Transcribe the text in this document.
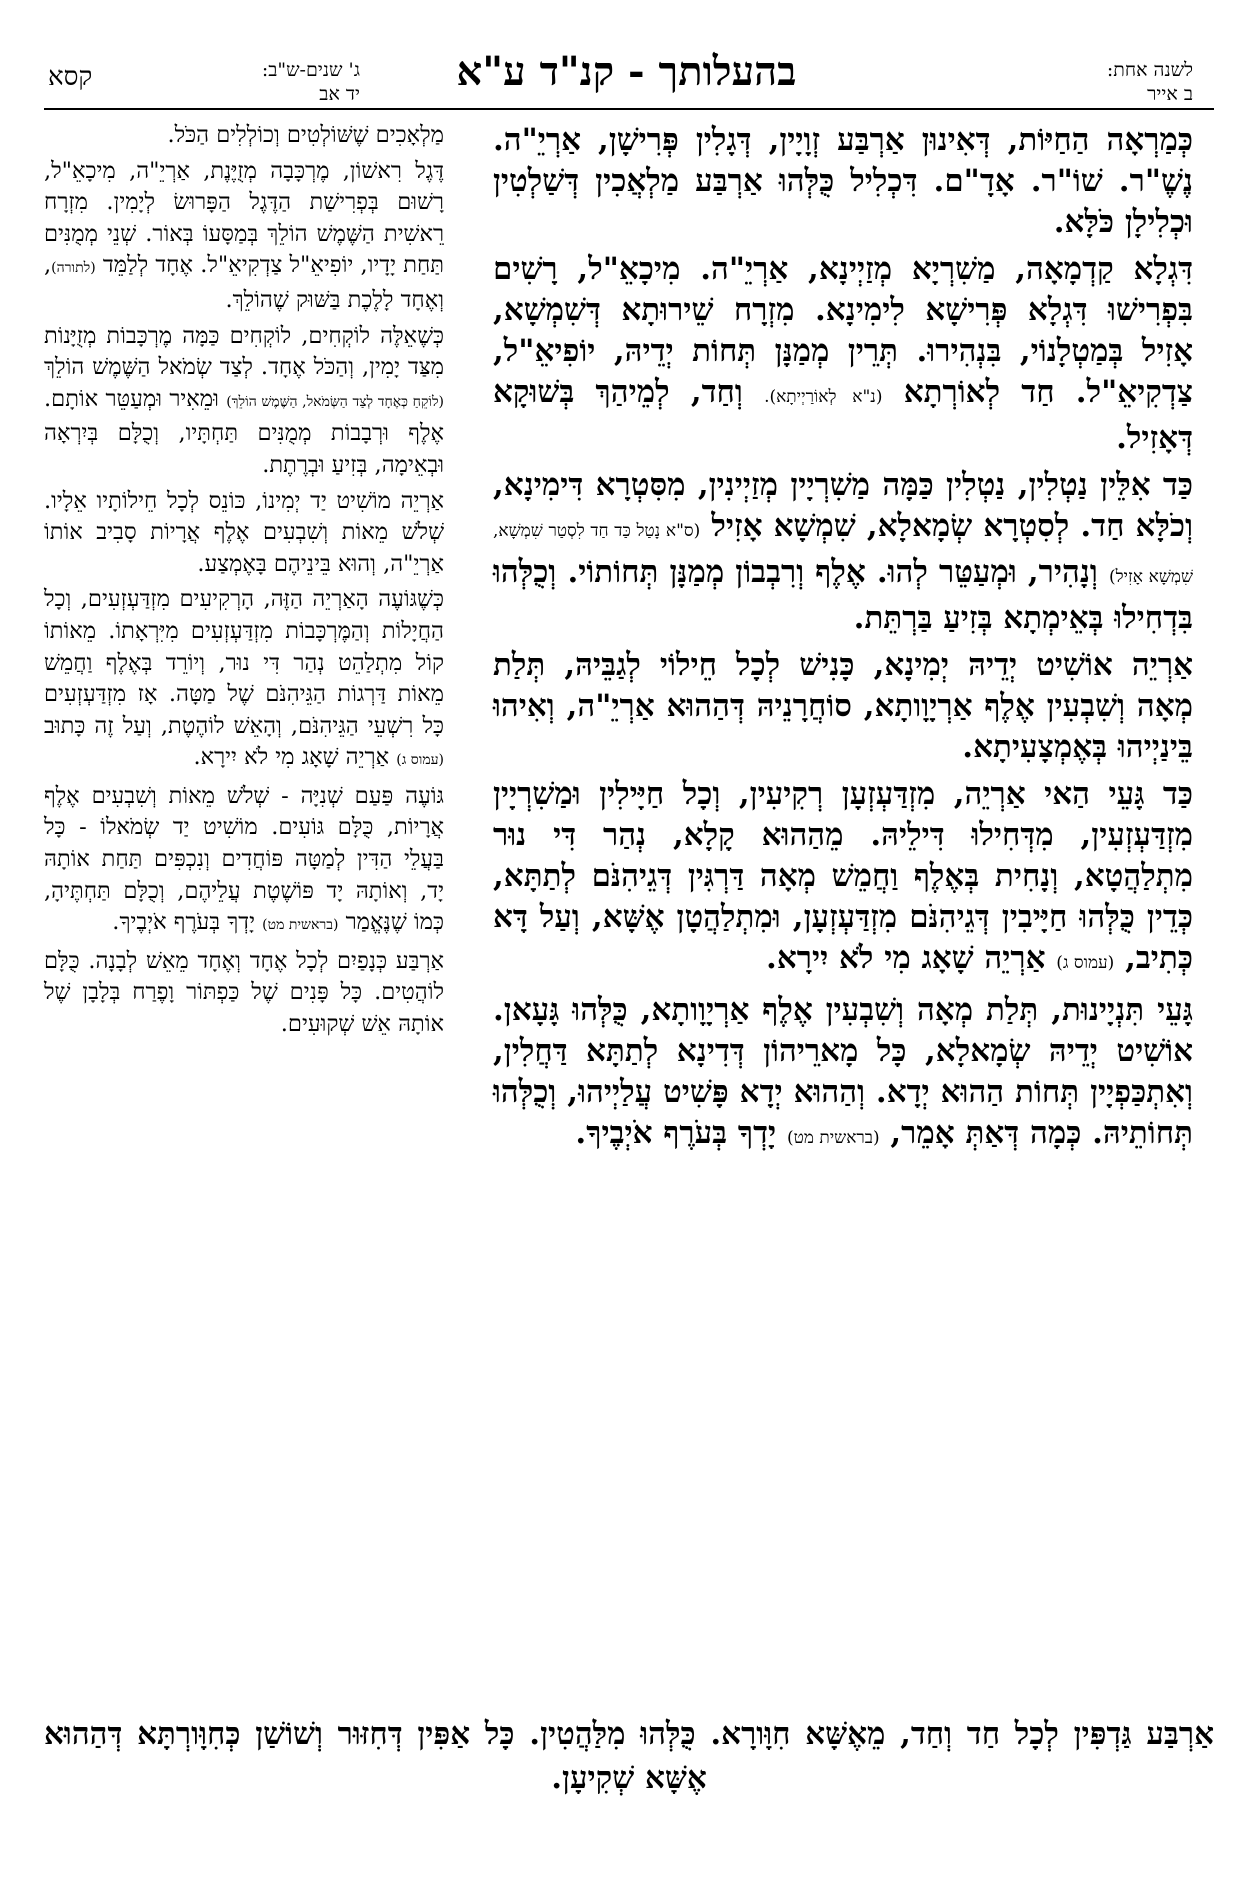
לשנה אחת:
ב אייר
בהעלותך - קנ"ד ע"א
ג' שנים-ש"ב:
יד אב
קסא

כְּמַרְאָה הַחַיּוֹת, דְּאִינוּן אַרְבַּע זְוָיָין, דְּגָלִין פְּרִישָׁן, אַרְיֵ"ה. נֶשֶׁ"ר. שׁוֹ"ר. אָדָ"ם. דִּכְלִיל כֻּלְּהוּ אַרְבַּע מַלְאֲכִין דְּשַׁלְטִין וּכְלִילָן כֹּלָּא.

דִּגְלָא קַדְמָאָה, מַשִׁרְיָא מְזַיְינָא, אַרְיֵ"ה. מִיכָאֵ"ל, רָשִׁים בִּפְרִישׁוּ דִּגְלָא פְּרִישָׁא לִימִינָא. מִזְרָח שֵׁירוּתָא דְּשִׁמְשָׁא, אָזִיל בְּמַטְלָנוֹי, בִּנְהִירוּ. תְּרֵין מְמַנָּן תְּחוֹת יְדֵיהּ, יוֹפִיאֵ"ל, צַדְקִיאֵ"ל. חַד לְאוֹרְתָא (נ"א לְאוֹרַיְיתָא). וְחַד, לְמֵיהַךְ בְּשׁוּקָא דְּאָזִיל.

כַּד אִלֵּין נַטְלִין, נַטְלִין כַּמָּה מַשִׁרְיָין מְזַיְינִין, מִסִּטְרָא דִּימִינָא, וְכֹלָּא חַד. לְסִטְרָא שְׂמָאלָא, שִׁמְשָׁא אָזִיל (ס"א נָטַל כַּד חַד לִסְטַר שִׁמְשָׁא, שִׁמְשָׁא אָזִיל) וְנָהִיר, וּמְעַטֵּר לְהוּ. אֶלֶף וְרִבְבוֹן מְמַנָּן תְּחוֹתוֹי. וְכֻלְּהוּ בִּדְחִילוּ בְּאֵימְתָא בְּזִיעַ בַּרְתֵּת.

אַרְיֵה אוֹשִׁיט יְדֵיהּ יְמִינָא, כָּנִישׁ לְכָל חֵילוֹי לְגַבֵּיהּ, תְּלַת מְאָה וְשִׁבְעִין אֶלֶף אַרְיָוָותָא, סוֹחֲרָנֵיהּ דְּהַהוּא אַרְיֵ"ה, וְאִיהוּ בֵּינַיְיהוּ בְּאֶמְצָעִיתָא.

כַּד גָּעֵי הַאי אַרְיֵה, מִזְדַּעְזְעָן רְקִיעִין, וְכָל חַיָּילִין וּמַשִׁרְיָין מִזְדַּעְזְעִין, מִדְּחִילוּ דִּילֵיהּ. מֵהַהוּא קָלָא, נְהַר דִּי נוּר מִתְלַהֲטָא, וְנָחִית בְּאֶלֶף וַחֲמֵשׁ מְאָה דַּרְגִּין דְּגֵיהִנֹּם לְתַתָּא, כְּדֵין כֻּלְּהוּ חַיָּיבִין דְּגֵיהִנֹּם מִזְדַּעְזְעָן, וּמִתְלַהֲטָן אֶשָּׁא, וְעַל דָּא כְּתִיב, (עמוס ג) אַרְיֵה שָׁאָג מִי לֹא יִירָא.

גָּעֵי תִּנְיָינוּת, תְּלַת מְאָה וְשִׁבְעִין אֶלֶף אַרְיָוָותָא, כֻּלְּהוּ גָּעָאן. אוֹשִׁיט יְדֵיהּ שְׂמָאלָא, כָּל מָארֵיהוֹן דְּדִינָא לְתַתָּא דַּחֲלִין, וְאִתְכַּפְיָין תְּחוֹת הַהוּא יְדָא. וְהַהוּא יְדָא פָּשִׁיט עֲלַיְיהוּ, וְכֻלְּהוּ תְּחוֹתֵיהּ. כְּמָה דְּאַתְּ אָמֵר, (בראשית מט) יָדְךָ בְּעֹרֶף אֹיְבֶיךָ.

מַלְאָכִים שֶׁשּׁוֹלְטִים וְכוֹלְלִים הַכֹּל.

דֶּגֶל רִאשׁוֹן, מֶרְכָּבָה מְזֻיֶּנֶת, אַרְיֵ"ה, מִיכָאֵ"ל, רָשׁוּם בְּפְרִישַׁת הַדֶּגֶל הַפָּרוּשׂ לְיָמִין. מִזְרָח רֵאשִׁית הַשֶּׁמֶשׁ הוֹלֵךְ בְּמַסָּעוֹ בְּאוֹר. שְׁנֵי מְמֻנִּים תַּחַת יָדָיו, יוֹפִיאֵ"ל צַדְקִיאֵ"ל. אֶחָד לְלַמֵּד (לתורה), וְאֶחָד לָלֶכֶת בַּשּׁוּק שֶׁהוֹלֵךְ.

כְּשֶׁאֵלֶּה לוֹקְחִים, לוֹקְחִים כַּמָּה מֶרְכָּבוֹת מְזֻיָּנוֹת מִצַּד יָמִין, וְהַכֹּל אֶחָד. לְצַד שְׂמֹאל הַשֶּׁמֶשׁ הוֹלֵךְ (לוֹקֵחַ כְּאֶחָד לְצַד הַשְּׂמֹאל, הַשֶּׁמֶשׁ הוֹלֵךְ) וּמֵאִיר וּמְעַטֵּר אוֹתָם. אֶלֶף וּרְבָבוֹת מְמֻנִּים תַּחְתָּיו, וְכֻלָּם בְּיִרְאָה וּבְאֵימָה, בְּזִיעַ וּבְרֶתֶת.

אַרְיֵה מוֹשִׁיט יַד יְמִינוֹ, כּוֹנֵס לְכָל חֵילוֹתָיו אֵלָיו. שְׁלֹשׁ מֵאוֹת וְשִׁבְעִים אֶלֶף אֲרָיוֹת סָבִיב אוֹתוֹ אַרְיֵ"ה, וְהוּא בֵּינֵיהֶם בָּאֶמְצַע.

כְּשֶׁגּוֹעֶה הָאַרְיֵה הַזֶּה, הָרְקִיעִים מִזְדַּעְזְעִים, וְכָל הַחֲיָלוֹת וְהַמֶּרְכָּבוֹת מִזְדַּעְזְעִים מִיִּרְאָתוֹ. מֵאוֹתוֹ קוֹל מִתְלַהֵט נְהַר דִּי נוּר, וְיוֹרֵד בְּאֶלֶף וַחֲמֵשׁ מֵאוֹת דַּרְגוֹת הַגֵּיהִנֹּם שֶׁל מַטָּה. אָז מִזְדַּעְזְעִים כָּל רִשְׁעֵי הַגֵּיהִנֹּם, וְהָאֵשׁ לוֹהֶטֶת, וְעַל זֶה כָּתוּב (עמוס ג) אַרְיֵה שָׁאָג מִי לֹא יִירָא.

גּוֹעֶה פַּעַם שְׁנִיָּה - שְׁלֹשׁ מֵאוֹת וְשִׁבְעִים אֶלֶף אֲרָיוֹת, כֻּלָּם גּוֹעִים. מוֹשִׁיט יַד שְׂמֹאלוֹ - כָּל בַּעֲלֵי הַדִּין לְמַטָּה פּוֹחֲדִים וְנִכְפִּים תַּחַת אוֹתָהּ יָד, וְאוֹתָהּ יָד פּוֹשֶׁטֶת עֲלֵיהֶם, וְכֻלָּם תַּחְתֶּיהָ, כְּמוֹ שֶׁנֶּאֱמַר (בראשית מט) יָדְךָ בְּעֹרֶף אֹיְבֶיךָ.

אַרְבַּע כְּנָפַיִם לְכָל אֶחָד וְאֶחָד מֵאֵשׁ לְבָנָה. כֻּלָּם לוֹהֲטִים. כָּל פָּנִים שֶׁל כַּפְתּוֹר וָפֶרַח בְּלָבָן שֶׁל אוֹתָהּ אֵשׁ שְׁקוּעִים.

אַרְבַּע גַּדְפִּין לְכָל חַד וְחַד, מֵאֶשָּׁא חִוָּורָא. כֻּלְּהוּ מִלַּהֲטִין. כָּל אַפִּין דְּחִזּוּר וְשׁוֹשַׁן כְּחִוָּורְתָּא דְּהַהוּא אֶשָּׁא שְׁקִיעָן.
